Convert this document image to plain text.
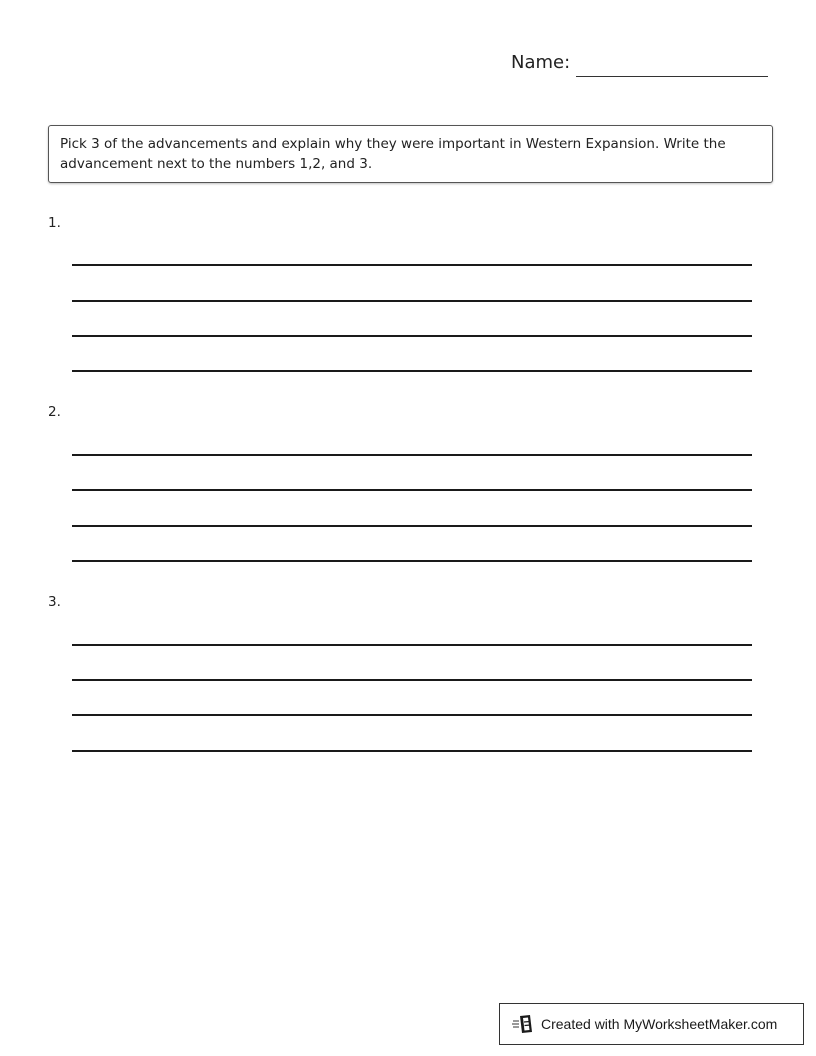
Name:
Pick 3 of the advancements and explain why they were important in Western Expansion. Write the advancement next to the numbers 1,2, and 3.
1.
2.
3.
Created with MyWorksheetMaker.com
